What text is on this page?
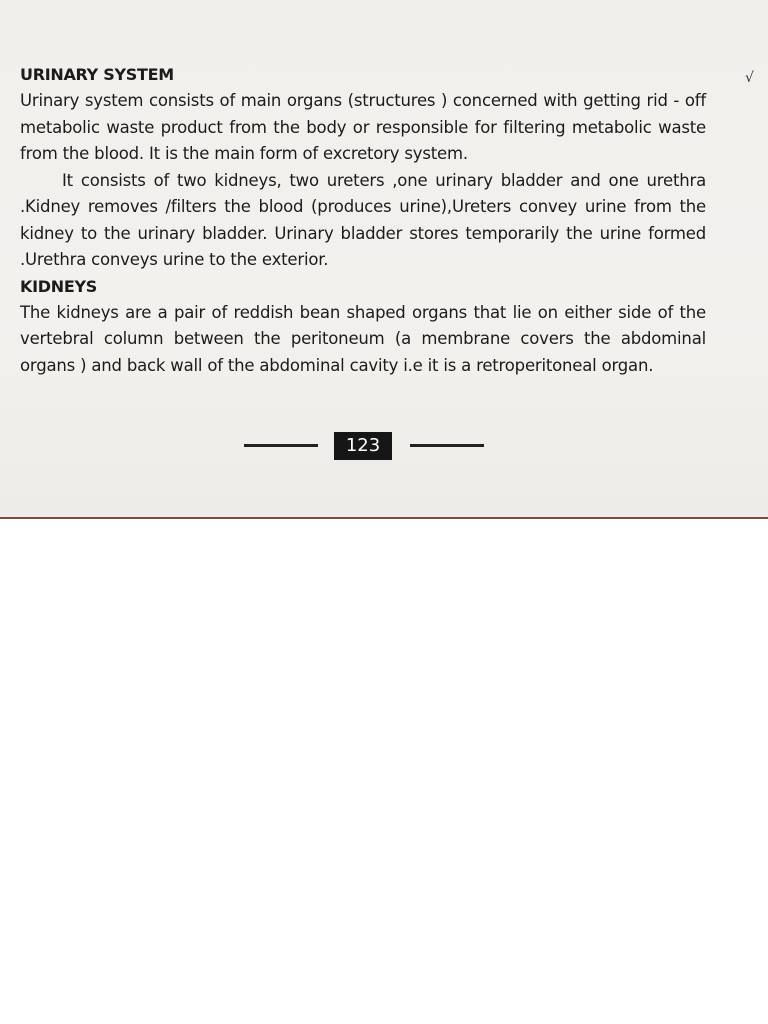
URINARY SYSTEM

Urinary system consists of main organs (structures ) concerned with getting rid - off metabolic waste product from the body or responsible for filtering metabolic waste from the blood. It is the main form of excretory system.

It consists of two kidneys, two ureters ,one urinary bladder and one urethra .Kidney removes /filters the blood (produces urine),Ureters convey urine from the kidney to the urinary bladder. Urinary bladder stores temporarily the urine formed .Urethra conveys urine to the exterior.

KIDNEYS

The kidneys are a pair of reddish bean shaped organs that lie on either side of the vertebral column between the peritoneum (a membrane covers the abdominal organs ) and back wall of the abdominal cavity i.e it is a retroperitoneal organ.

√
123
